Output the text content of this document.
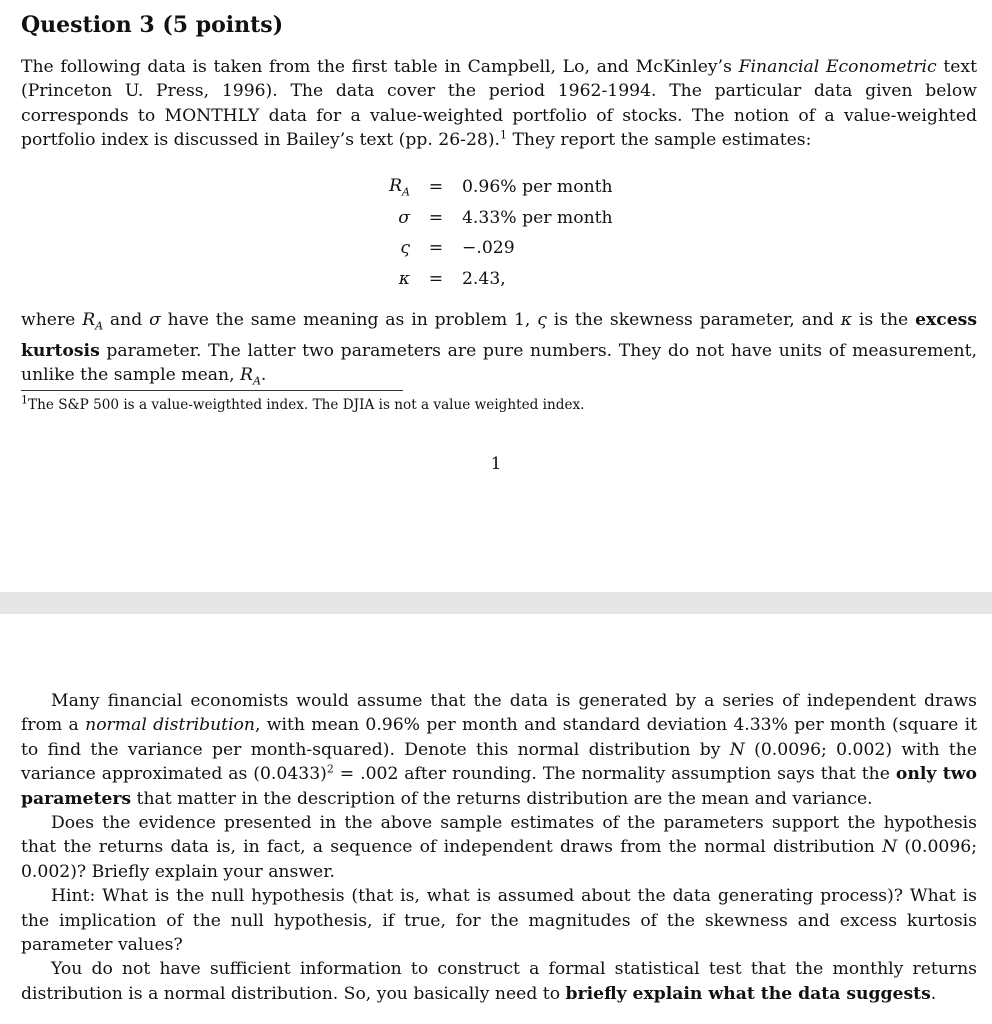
Question 3 (5 points)

The following data is taken from the first table in Campbell, Lo, and McKinley’s Financial Econometric text (Princeton U. Press, 1996). The data cover the period 1962-1994. The particular data given below corresponds to MONTHLY data for a value-weighted portfolio of stocks. The notion of a value-weighted portfolio index is discussed in Bailey’s text (pp. 26-28).$^1$ They report the sample estimates:

$R_A$	=	0.96% per month
σ	=	4.33% per month
ς	=	−.029
κ	=	2.43,

where $R_A$ and σ have the same meaning as in problem 1, ς is the skewness parameter, and κ is the excess kurtosis parameter. The latter two parameters are pure numbers. They do not have units of measurement, unlike the sample mean, $R_A$.

$^1$The S&P 500 is a value-weigthted index. The DJIA is not a value weighted index.

1

Many financial economists would assume that the data is generated by a series of independent draws from a normal distribution, with mean 0.96% per month and standard deviation 4.33% per month (square it to find the variance per month-squared). Denote this normal distribution by N (0.0096; 0.002) with the variance approximated as $(0.0433)^2 = .002$ after rounding. The normality assumption says that the only two parameters that matter in the description of the returns distribution are the mean and variance.

Does the evidence presented in the above sample estimates of the parameters support the hypothesis that the returns data is, in fact, a sequence of independent draws from the normal distribution N (0.0096; 0.002)? Briefly explain your answer.

Hint: What is the null hypothesis (that is, what is assumed about the data generating process)? What is the implication of the null hypothesis, if true, for the magnitudes of the skewness and excess kurtosis parameter values?

You do not have sufficient information to construct a formal statistical test that the monthly returns distribution is a normal distribution. So, you basically need to briefly explain what the data suggests.
